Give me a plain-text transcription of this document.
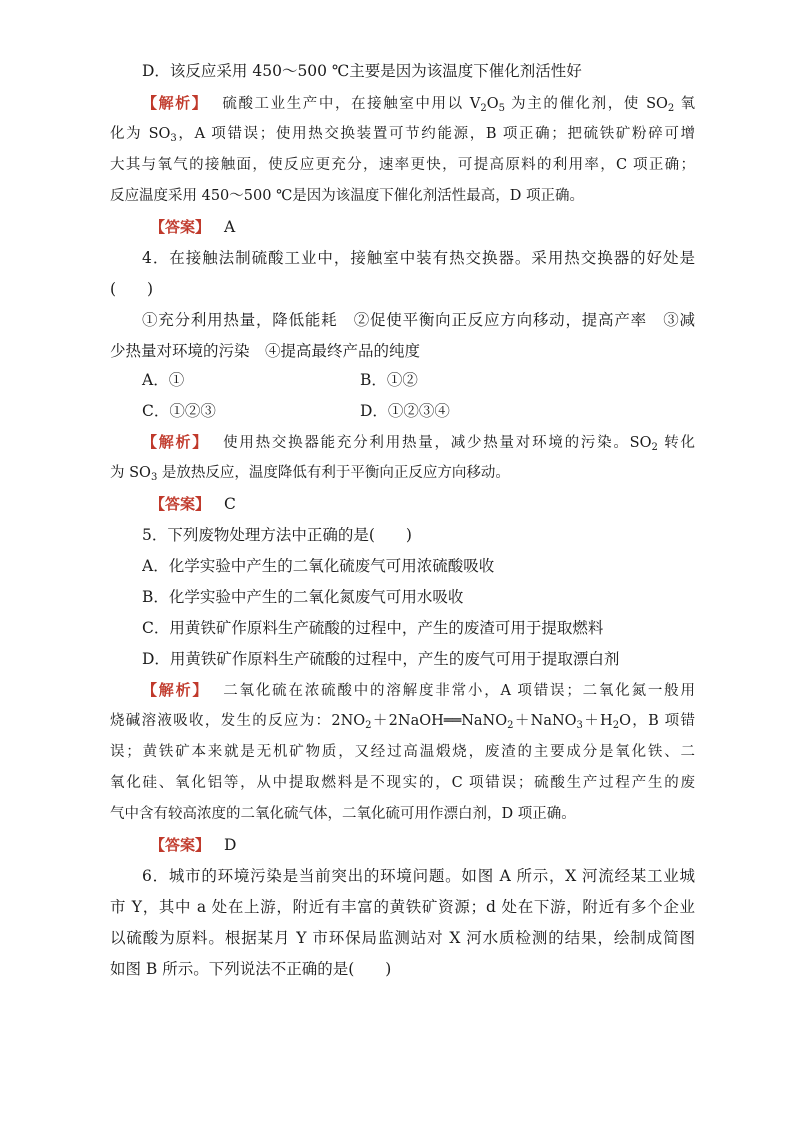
D．该反应采用 450～500 ℃主要是因为该温度下催化剂活性好
【解析】 硫酸工业生产中，在接触室中用以 $V_2O_5$ 为主的催化剂，使 $SO_2$ 氧
化为 $SO_3$，A 项错误；使用热交换装置可节约能源，B 项正确；把硫铁矿粉碎可增
大其与氧气的接触面，使反应更充分，速率更快，可提高原料的利用率，C 项正确；
反应温度采用 450～500 ℃是因为该温度下催化剂活性最高，D 项正确。
【答案】 A
4．在接触法制硫酸工业中，接触室中装有热交换器。采用热交换器的好处是
(　　)
①充分利用热量，降低能耗　②促使平衡向正反应方向移动，提高产率　③减
少热量对环境的污染　④提高最终产品的纯度
A．①	B．①②
C．①②③	D．①②③④
【解析】 使用热交换器能充分利用热量，减少热量对环境的污染。$SO_2$ 转化
为 $SO_3$ 是放热反应，温度降低有利于平衡向正反应方向移动。
【答案】 C
5．下列废物处理方法中正确的是(　　)
A．化学实验中产生的二氧化硫废气可用浓硫酸吸收
B．化学实验中产生的二氧化氮废气可用水吸收
C．用黄铁矿作原料生产硫酸的过程中，产生的废渣可用于提取燃料
D．用黄铁矿作原料生产硫酸的过程中，产生的废气可用于提取漂白剂
【解析】 二氧化硫在浓硫酸中的溶解度非常小，A 项错误；二氧化氮一般用
烧碱溶液吸收，发生的反应为：$2NO_2+2NaOH══NaNO_2+NaNO_3+H_2O$，B 项错
误；黄铁矿本来就是无机矿物质，又经过高温煅烧，废渣的主要成分是氧化铁、二
氧化硅、氧化铝等，从中提取燃料是不现实的，C 项错误；硫酸生产过程产生的废
气中含有较高浓度的二氧化硫气体，二氧化硫可用作漂白剂，D 项正确。
【答案】 D
6．城市的环境污染是当前突出的环境问题。如图 A 所示，X 河流经某工业城
市 Y，其中 a 处在上游，附近有丰富的黄铁矿资源；d 处在下游，附近有多个企业
以硫酸为原料。根据某月 Y 市环保局监测站对 X 河水质检测的结果，绘制成简图
如图 B 所示。下列说法不正确的是(　　)
